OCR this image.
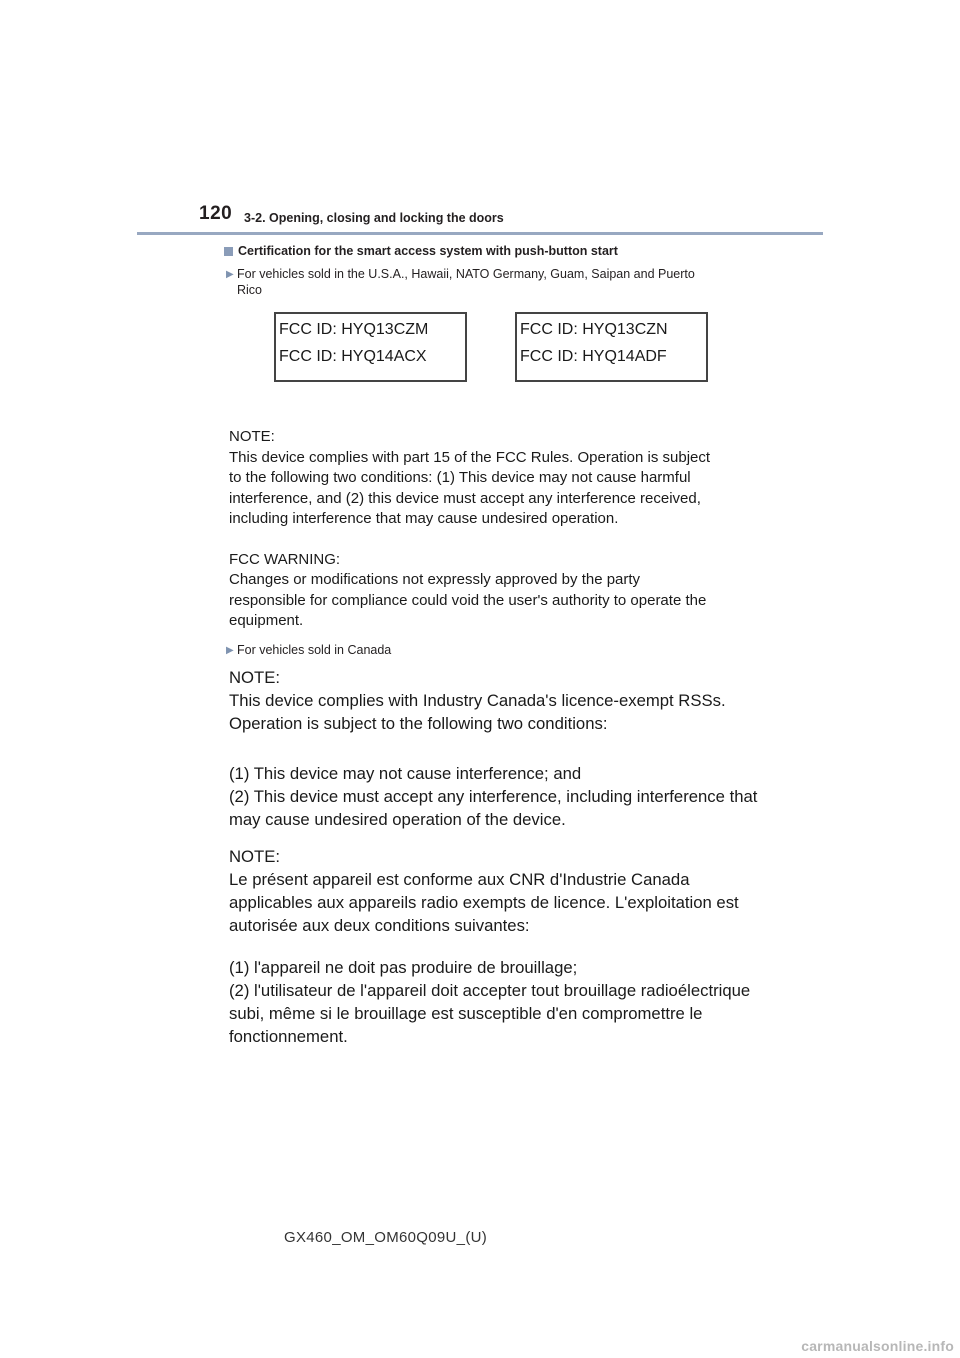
120 3-2. Opening, closing and locking the doors
Certification for the smart access system with push-button start
▶ For vehicles sold in the U.S.A., Hawaii, NATO Germany, Guam, Saipan and Puerto
Rico
FCC ID: HYQ13CZM
FCC ID: HYQ14ACX
FCC ID: HYQ13CZN
FCC ID: HYQ14ADF

NOTE:

This device complies with part 15 of the FCC Rules. Operation is subject

to the following two conditions: (1) This device may not cause harmful

interference, and (2) this device must accept any interference received,

including interference that may cause undesired operation.

FCC WARNING:

Changes or modifications not expressly approved by the party

responsible for compliance could void the user's authority to operate the

equipment.

▶ For vehicles sold in Canada

NOTE:

This device complies with Industry Canada's licence-exempt RSSs.

Operation is subject to the following two conditions:

(1) This device may not cause interference; and

(2) This device must accept any interference, including interference that

may cause undesired operation of the device.

NOTE:

Le présent appareil est conforme aux CNR d'Industrie Canada

applicables aux appareils radio exempts de licence. L'exploitation est

autorisée aux deux conditions suivantes:

(1) l'appareil ne doit pas produire de brouillage;

(2) l'utilisateur de l'appareil doit accepter tout brouillage radioélectrique

subi, même si le brouillage est susceptible d'en compromettre le

fonctionnement.

GX460_OM_OM60Q09U_(U)
carmanualsonline.info
